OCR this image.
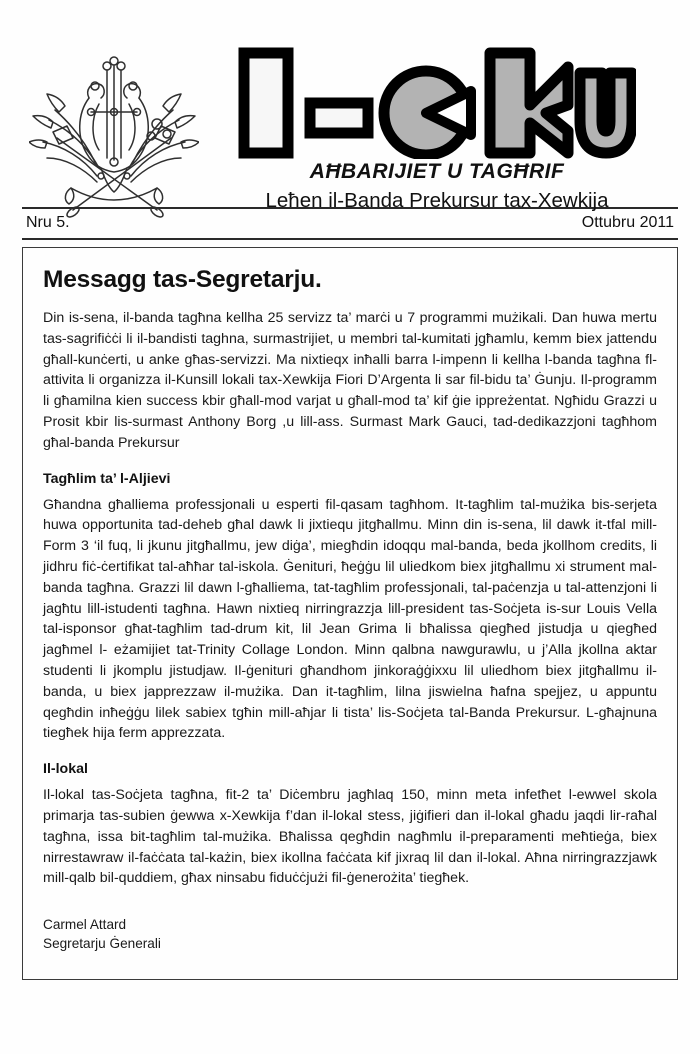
AĦBARIJIET U TAGĦRIF
Leħen il-Banda Prekursur tax-Xewkija
Nru 5.	Ottubru 2011
Messagg tas-Segretarju.

Din is-sena, il-banda tagħna kellha 25 servizz ta’ marċi u 7 programmi mużikali. Dan huwa mertu tas-sagrifiċċi li il-bandisti taghna, surmastrijiet, u membri tal-kumitati jgħamlu, kemm biex jattendu għall-kunċerti, u anke għas-servizzi. Ma nixtieqx inħalli barra l-impenn li kellha l-banda tagħna fl-attivita li organizza il-Kunsill lokali tax-Xewkija Fiori D’Argenta li sar fil-bidu ta’ Ġunju. Il-programm li għamilna kien success kbir għall-mod varjat u għall-mod ta’ kif ġie ippreżentat. Ngħidu Grazzi u Prosit kbir lis-surmast Anthony Borg ,u lill-ass. Surmast Mark Gauci, tad-dedikazzjoni tagħhom għal-banda Prekursur

Tagħlim ta’ l-Aljievi

Għandna għalliema professjonali u esperti fil-qasam tagħhom. It-tagħlim tal-mużika bis-serjeta huwa opportunita tad-deheb għal dawk li jixtiequ jitgħallmu. Minn din is-sena, lil dawk it-tfal mill-Form 3 ‘il fuq, li jkunu jitgħallmu, jew diġa’, miegħdin idoqqu mal-banda, beda jkollhom credits, li jidhru fiċ-ċertifikat tal-aħħar tal-iskola. Ġenituri, ħeġġu lil uliedkom biex jitgħallmu xi strument mal-banda tagħna. Grazzi lil dawn l-għalliema, tat-tagħlim professjonali, tal-paċenzja u tal-attenzjoni li jagħtu lill-istudenti tagħna. Hawn nixtieq nirringrazzja lill-president tas-Soċjeta is-sur Louis Vella tal-isponsor għat-tagħlim tad-drum kit, lil Jean Grima li bħalissa qiegħed jistudja u qiegħed jagħmel l- eżamijiet tat-Trinity Collage London. Minn qalbna nawgurawlu, u j’Alla jkollna aktar studenti li jkomplu jistudjaw. Il-ġenituri għandhom jinkoraġġixxu lil uliedhom biex jitgħallmu il-banda, u biex japprezzaw il-mużika. Dan it-tagħlim, lilna jiswielna ħafna spejjez, u appuntu qegħdin inħeġġu lilek sabiex tgħin mill-aħjar li tista’ lis-Soċjeta tal-Banda Prekursur. L-għajnuna tiegħek hija ferm apprezzata.

Il-lokal

Il-lokal tas-Soċjeta tagħna, fit-2 ta’ Diċembru jagħlaq 150, minn meta infetħet l-ewwel skola primarja tas-subien ġewwa x-Xewkija f’dan il-lokal stess, jiġifieri dan il-lokal għadu jaqdi lir-raħal tagħna, issa bit-tagħlim tal-mużika. Bħalissa qegħdin nagħmlu il-preparamenti meħtieġa, biex nirrestawraw il-faċċata tal-każin, biex ikollna faċċata kif jixraq lil dan il-lokal. Aħna nirringrazzjawk mill-qalb bil-quddiem, għax ninsabu fiduċċjużi fil-ġenerożita’ tiegħek.

Carmel Attard
Segretarju Ġenerali
